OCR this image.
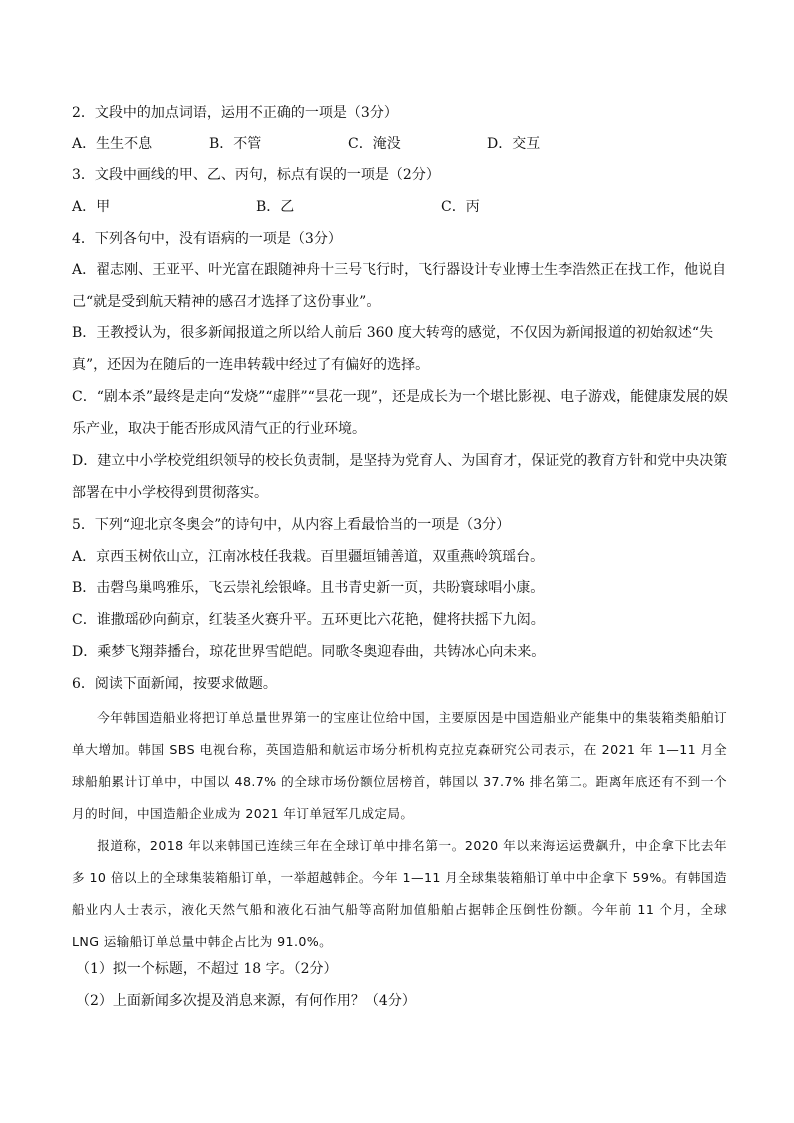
2．文段中的加点词语，运用不正确的一项是（3分）
A．生生不息	B．不管	C．淹没	D．交互
3．文段中画线的甲、乙、丙句，标点有误的一项是（2分）
A．甲	B．乙	C．丙
4．下列各句中，没有语病的一项是（3分）
A．翟志刚、王亚平、叶光富在跟随神舟十三号飞行时，飞行器设计专业博士生李浩然正在找工作，他说自
己“就是受到航天精神的感召才选择了这份事业”。
B．王教授认为，很多新闻报道之所以给人前后 360 度大转弯的感觉，不仅因为新闻报道的初始叙述“失
真”，还因为在随后的一连串转载中经过了有偏好的选择。
C．“剧本杀”最终是走向“发烧”“虚胖”“昙花一现”，还是成长为一个堪比影视、电子游戏，能健康发展的娱
乐产业，取决于能否形成风清气正的行业环境。
D．建立中小学校党组织领导的校长负责制，是坚持为党育人、为国育才，保证党的教育方针和党中央决策
部署在中小学校得到贯彻落实。
5．下列“迎北京冬奥会”的诗句中，从内容上看最恰当的一项是（3分）
A．京西玉树依山立，江南冰枝任我栽。百里疆垣铺善道，双重燕岭筑瑶台。
B．击磬鸟巢鸣雅乐，飞云崇礼绘银峰。且书青史新一页，共盼寰球唱小康。
C．谁撒瑶砂向蓟京，红装圣火赛升平。五环更比六花艳，健将扶摇下九闳。
D．乘梦飞翔莽播台，琼花世界雪皑皑。同歌冬奥迎春曲，共铸冰心向未来。
6．阅读下面新闻，按要求做题。
今年韩国造船业将把订单总量世界第一的宝座让位给中国，主要原因是中国造船业产能集中的集装箱类船舶订单大增加。韩国 SBS 电视台称，英国造船和航运市场分析机构克拉克森研究公司表示，在 2021 年 1—11 月全球船舶累计订单中，中国以 48.7% 的全球市场份额位居榜首，韩国以 37.7% 排名第二。距离年底还有不到一个月的时间，中国造船企业成为 2021 年订单冠军几成定局。
报道称，2018 年以来韩国已连续三年在全球订单中排名第一。2020 年以来海运运费飙升，中企拿下比去年多 10 倍以上的全球集装箱船订单，一举超越韩企。今年 1—11 月全球集装箱船订单中中企拿下 59%。有韩国造船业内人士表示，液化天然气船和液化石油气船等高附加值船舶占据韩企压倒性份额。今年前 11 个月，全球 LNG 运输船订单总量中韩企占比为 91.0%。
（1）拟一个标题，不超过 18 字。（2分）
（2）上面新闻多次提及消息来源，有何作用？（4分）
